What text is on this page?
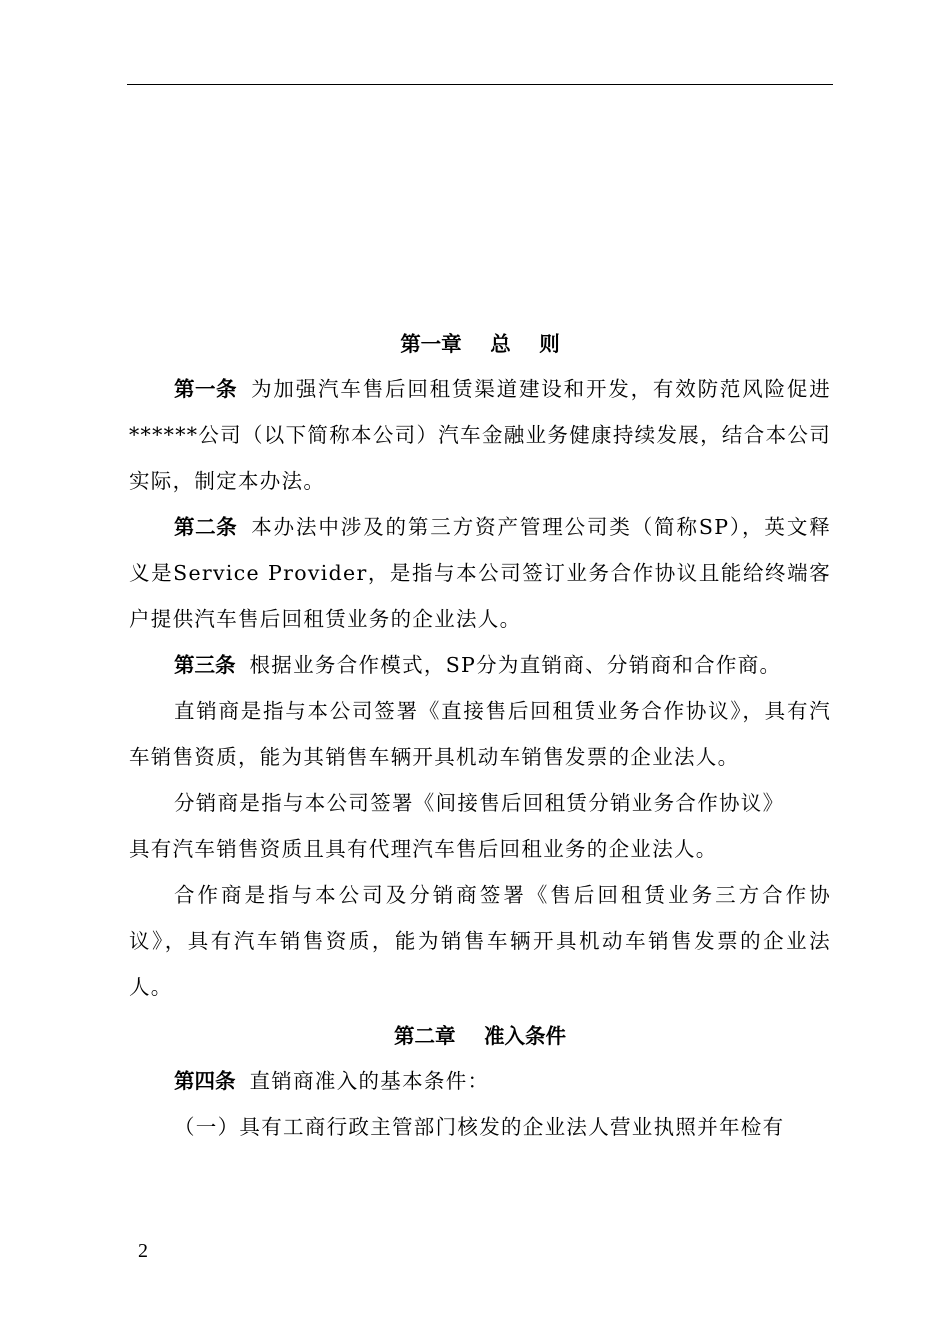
第一章    总    则

第一条 为加强汽车售后回租赁渠道建设和开发，有效防范风险促进******公司（以下简称本公司）汽车金融业务健康持续发展，结合本公司实际，制定本办法。

第二条 本办法中涉及的第三方资产管理公司类（简称SP），英文释义是Service Provider，是指与本公司签订业务合作协议且能给终端客户提供汽车售后回租赁业务的企业法人。

第三条 根据业务合作模式，SP分为直销商、分销商和合作商。

直销商是指与本公司签署《直接售后回租赁业务合作协议》，具有汽车销售资质，能为其销售车辆开具机动车销售发票的企业法人。

分销商是指与本公司签署《间接售后回租赁分销业务合作协议》

具有汽车销售资质且具有代理汽车售后回租业务的企业法人。

合作商是指与本公司及分销商签署《售后回租赁业务三方合作协议》，具有汽车销售资质，能为销售车辆开具机动车销售发票的企业法人。

第二章    准入条件

第四条 直销商准入的基本条件：

（一）具有工商行政主管部门核发的企业法人营业执照并年检有

2
